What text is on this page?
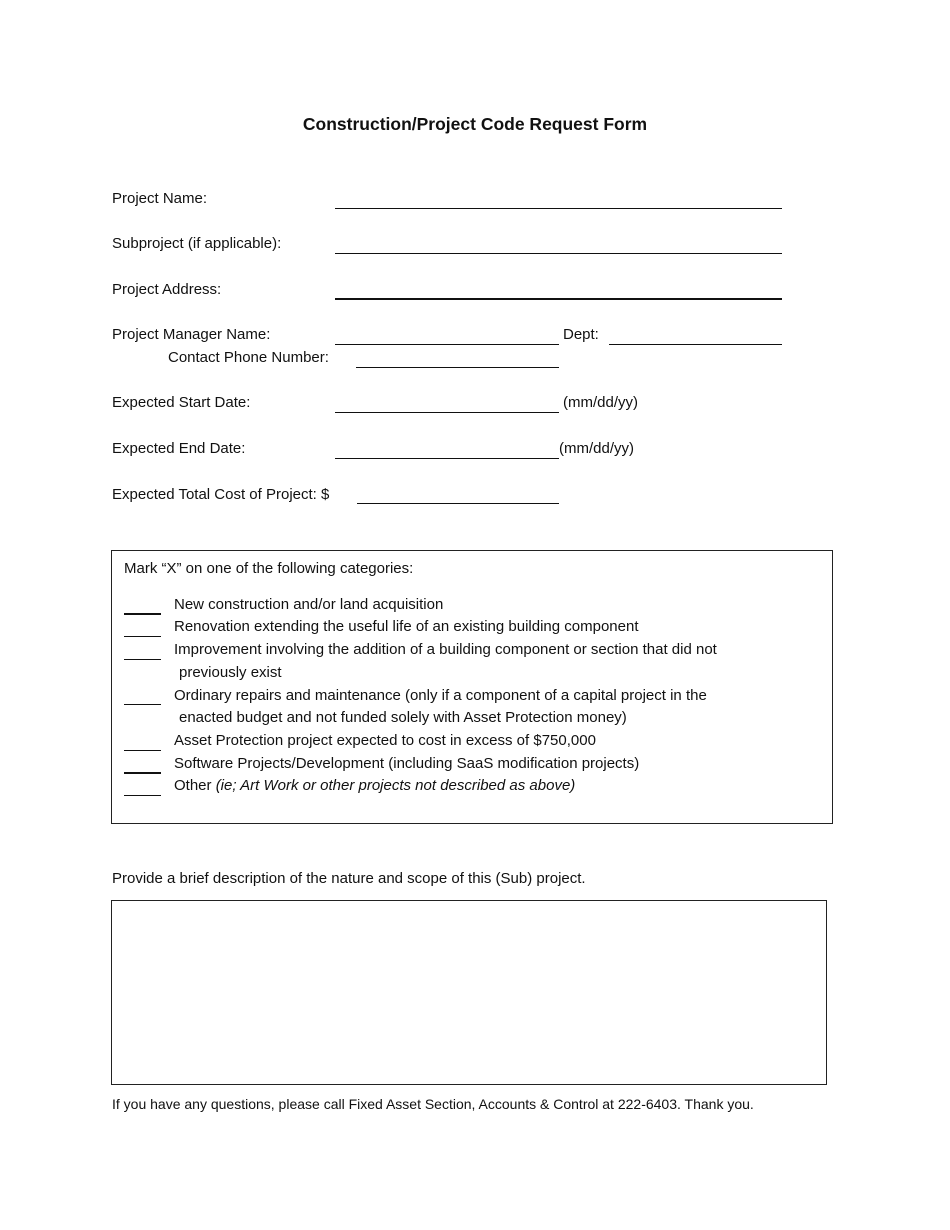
Construction/Project Code Request Form
Project Name:
Subproject (if applicable):
Project Address:
Project Manager Name:	Dept:
Contact Phone Number:
Expected Start Date:	(mm/dd/yy)
Expected End Date:	(mm/dd/yy)
Expected Total Cost of Project: $
Mark “X” on one of the following categories:
New construction and/or land acquisition
Renovation extending the useful life of an existing building component
Improvement involving the addition of a building component or section that did not
previously exist
Ordinary repairs and maintenance (only if a component of a capital project in the
enacted budget and not funded solely with Asset Protection money)
Asset Protection project expected to cost in excess of $750,000
Software Projects/Development (including SaaS modification projects)
Other (ie; Art Work or other projects not described as above)
Provide a brief description of the nature and scope of this (Sub) project.
If you have any questions, please call Fixed Asset Section, Accounts & Control at 222-6403. Thank you.
